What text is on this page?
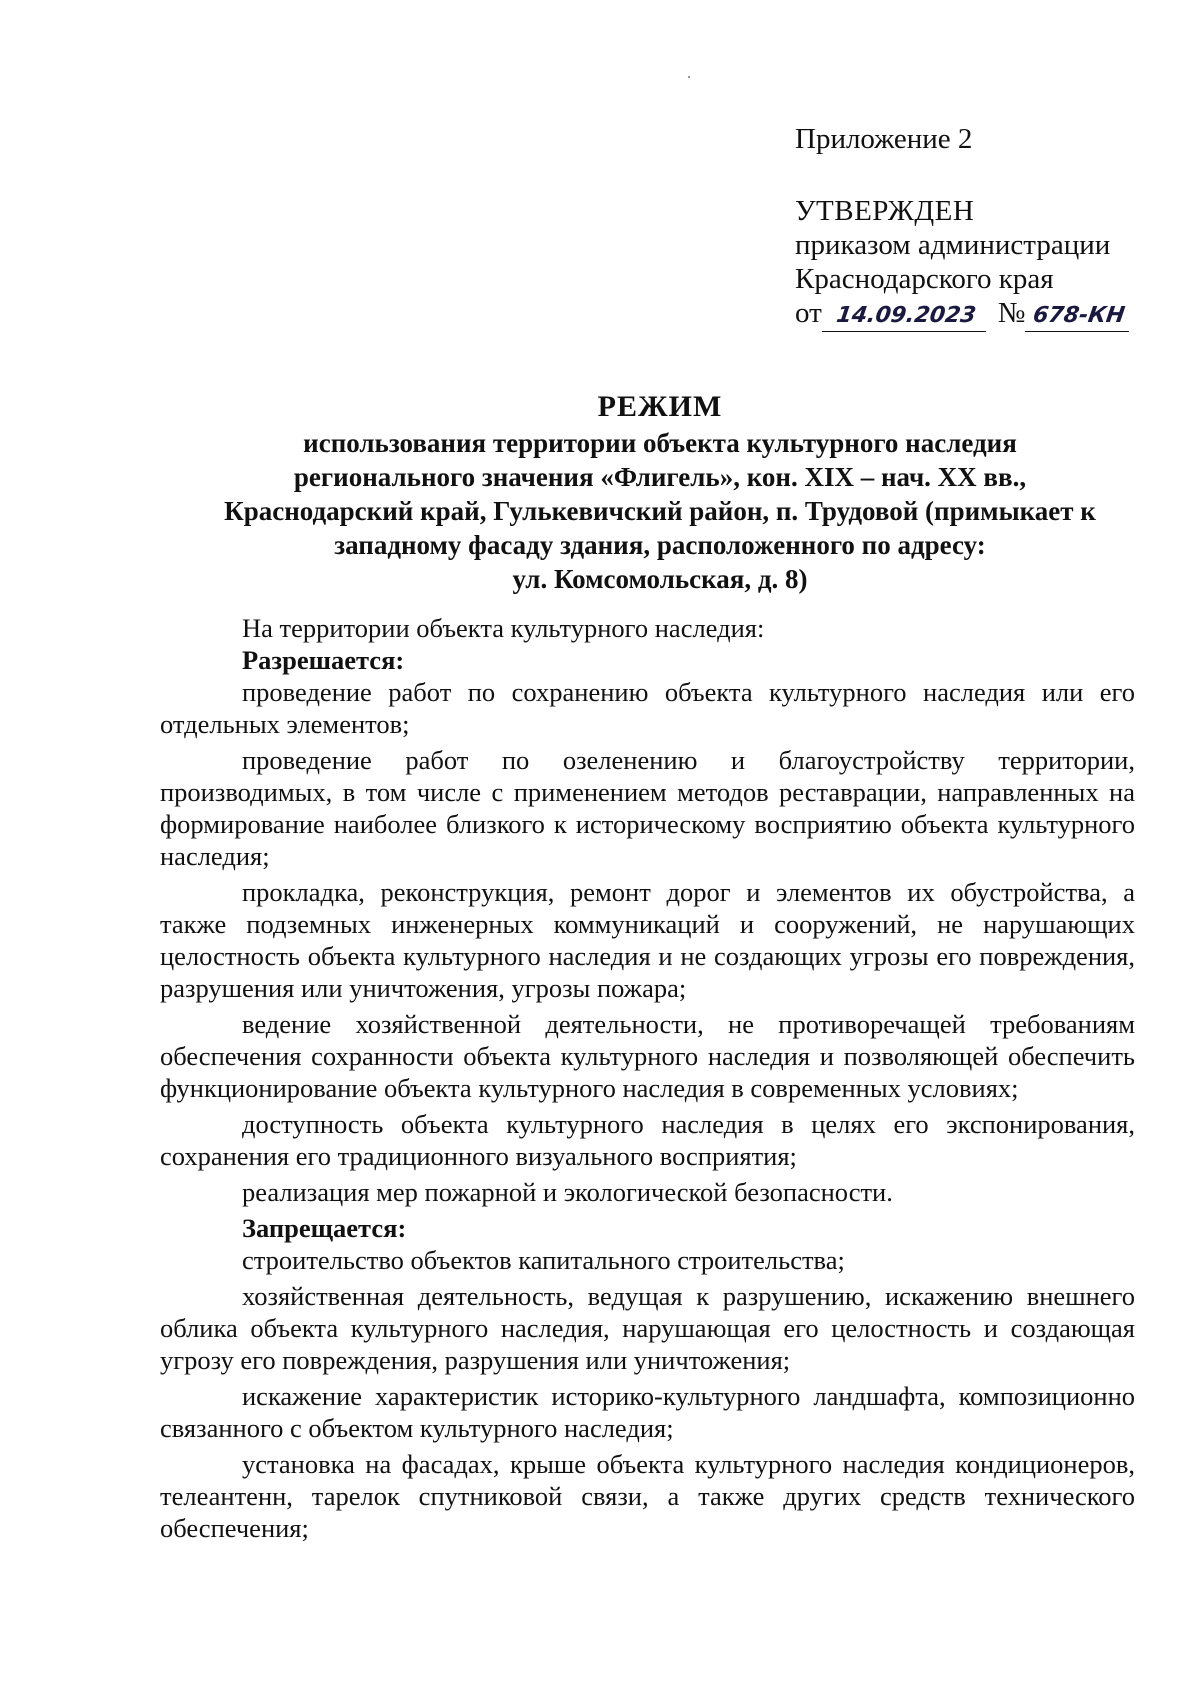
Приложение 2
УТВЕРЖДЕН
приказом администрации
Краснодарского края
от 14.09.2023 № 678-КН
РЕЖИМ
использования территории объекта культурного наследия
регионального значения «Флигель», кон. XIX – нач. XX вв.,
Краснодарский край, Гулькевичский район, п. Трудовой (примыкает к
западному фасаду здания, расположенного по адресу:
ул. Комсомольская, д. 8)

На территории объекта культурного наследия:

Разрешается:

проведение работ по сохранению объекта культурного наследия или его отдельных элементов;

проведение работ по озеленению и благоустройству территории, производимых, в том числе с применением методов реставрации, направленных на формирование наиболее близкого к историческому восприятию объекта культурного наследия;

прокладка, реконструкция, ремонт дорог и элементов их обустройства, а также подземных инженерных коммуникаций и сооружений, не нарушающих целостность объекта культурного наследия и не создающих угрозы его повреждения, разрушения или уничтожения, угрозы пожара;

ведение хозяйственной деятельности, не противоречащей требованиям обеспечения сохранности объекта культурного наследия и позволяющей обеспечить функционирование объекта культурного наследия в современных условиях;

доступность объекта культурного наследия в целях его экспонирования, сохранения его традиционного визуального восприятия;

реализация мер пожарной и экологической безопасности.

Запрещается:

строительство объектов капитального строительства;

хозяйственная деятельность, ведущая к разрушению, искажению внешнего облика объекта культурного наследия, нарушающая его целостность и создающая угрозу его повреждения, разрушения или уничтожения;

искажение характеристик историко-культурного ландшафта, композиционно связанного с объектом культурного наследия;

установка на фасадах, крыше объекта культурного наследия кондиционеров, телеантенн, тарелок спутниковой связи, а также других средств технического обеспечения;
